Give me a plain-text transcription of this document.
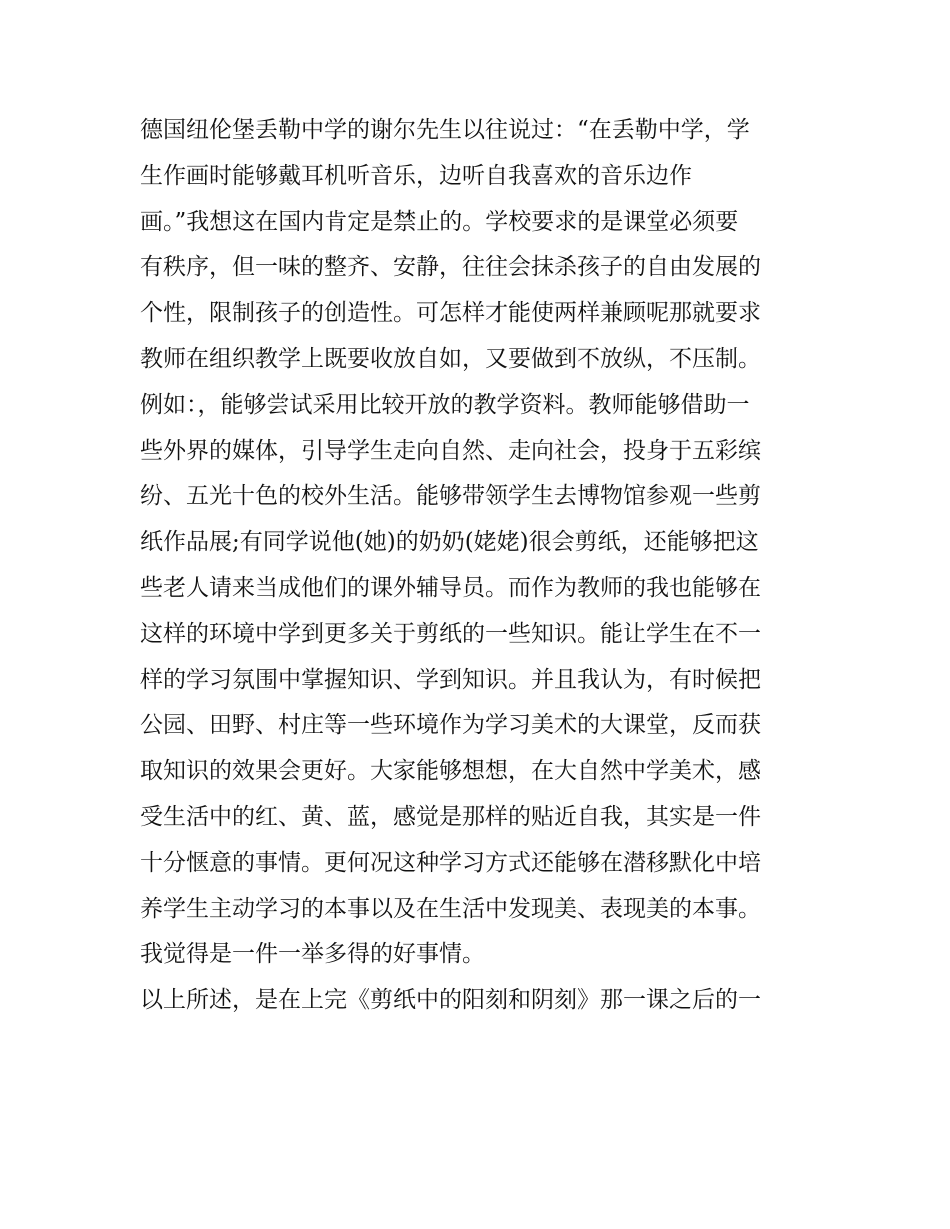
德国纽伦堡丢勒中学的谢尔先生以往说过：“在丢勒中学，学
生作画时能够戴耳机听音乐，边听自我喜欢的音乐边作
画。”我想这在国内肯定是禁止的。学校要求的是课堂必须要
有秩序，但一味的整齐、安静，往往会抹杀孩子的自由发展的
个性，限制孩子的创造性。可怎样才能使两样兼顾呢那就要求
教师在组织教学上既要收放自如，又要做到不放纵，不压制。
例如：，能够尝试采用比较开放的教学资料。教师能够借助一
些外界的媒体，引导学生走向自然、走向社会，投身于五彩缤
纷、五光十色的校外生活。能够带领学生去博物馆参观一些剪
纸作品展;有同学说他(她)的奶奶(姥姥)很会剪纸，还能够把这
些老人请来当成他们的课外辅导员。而作为教师的我也能够在
这样的环境中学到更多关于剪纸的一些知识。能让学生在不一
样的学习氛围中掌握知识、学到知识。并且我认为，有时候把
公园、田野、村庄等一些环境作为学习美术的大课堂，反而获
取知识的效果会更好。大家能够想想，在大自然中学美术，感
受生活中的红、黄、蓝，感觉是那样的贴近自我，其实是一件
十分惬意的事情。更何况这种学习方式还能够在潜移默化中培
养学生主动学习的本事以及在生活中发现美、表现美的本事。
我觉得是一件一举多得的好事情。
以上所述，是在上完《剪纸中的阳刻和阴刻》那一课之后的一
